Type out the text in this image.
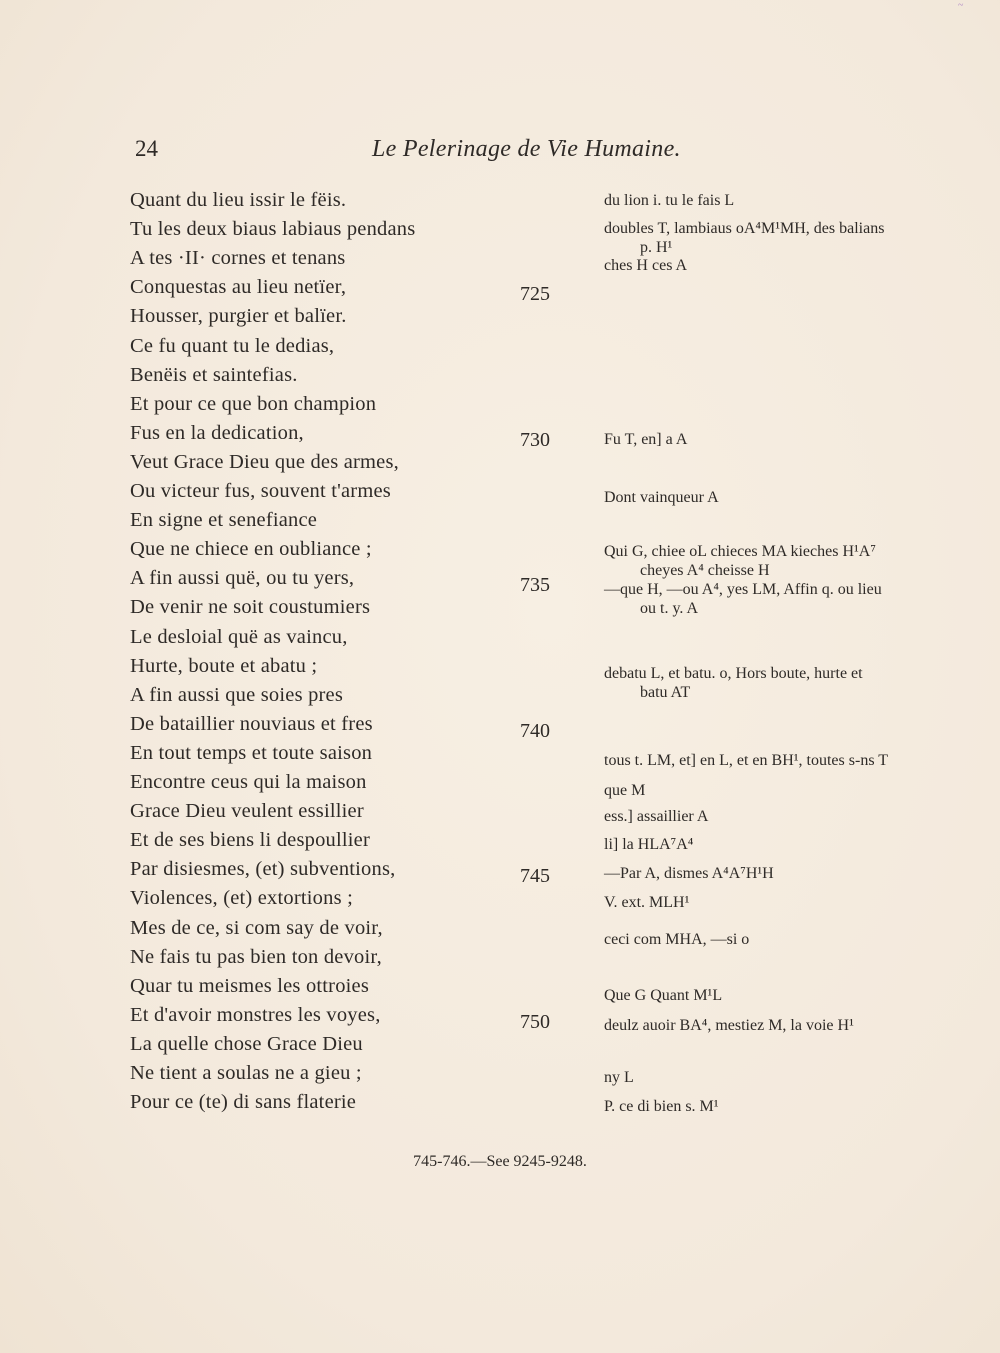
~
24	Le Pelerinage de Vie Humaine.
Quant du lieu issir le fëis.
Tu les deux biaus labiaus pendans
A tes ·II· cornes et tenans
Conquestas au lieu netïer,
Housser, purgier et balïer.
Ce fu quant tu le dedias,
Benëis et saintefias.
Et pour ce que bon champion
Fus en la dedication,
Veut Grace Dieu que des armes,
Ou victeur fus, souvent t'armes
En signe et senefiance
Que ne chiece en oubliance ;
A fin aussi quë, ou tu yers,
De venir ne soit coustumiers
Le desloial quë as vaincu,
Hurte, boute et abatu ;
A fin aussi que soies pres
De bataillier nouviaus et fres
En tout temps et toute saison
Encontre ceus qui la maison
Grace Dieu veulent essillier
Et de ses biens li despoullier
Par disiesmes, (et) subventions,
Violences, (et) extortions ;
Mes de ce, si com say de voir,
Ne fais tu pas bien ton devoir,
Quar tu meismes les ottroies
Et d'avoir monstres les voyes,
La quelle chose Grace Dieu
Ne tient a soulas ne a gieu ;
Pour ce (te) di sans flaterie
725
730
735
740
745
750
du lion i. tu le fais L
doubles T, lambiaus oA⁴M¹MH, des balians
p. H¹
ches H ces A
Fu T, en] a A
Dont vainqueur A
Qui G, chiee oL chieces MA kieches H¹A⁷
cheyes A⁴ cheisse H
—que H, —ou A⁴, yes LM, Affin q. ou lieu
ou t. y. A
debatu L, et batu. o, Hors boute, hurte et
batu AT
tous t. LM, et] en L, et en BH¹, toutes s-ns T
que M
ess.] assaillier A
li] la HLA⁷A⁴
—Par A, dismes A⁴A⁷H¹H
V. ext. MLH¹
ceci com MHA, —si o
Que G Quant M¹L
deulz auoir BA⁴, mestiez M, la voie H¹
ny L
P. ce di bien s. M¹
745-746.—See 9245-9248.
